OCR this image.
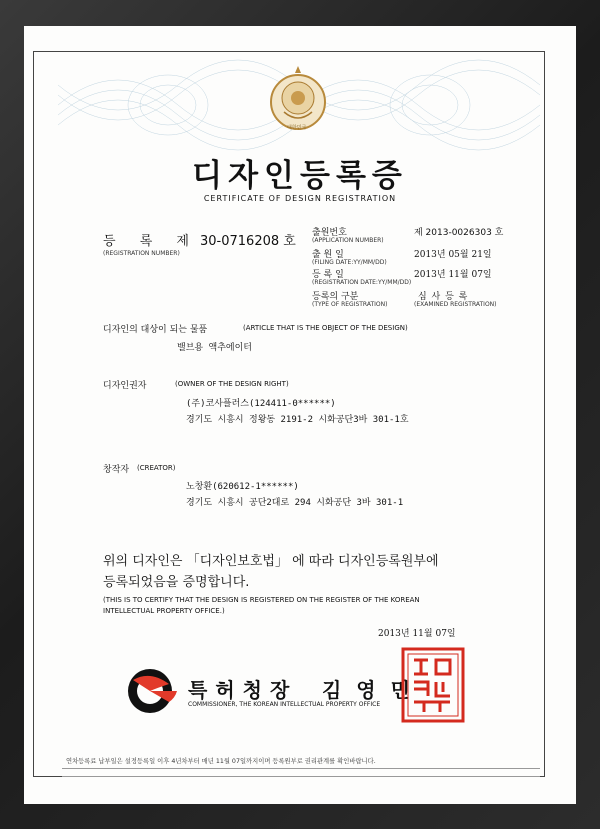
대한민국
디자인등록증
CERTIFICATE OF DESIGN REGISTRATION
등 록 제 30-0716208 호
(REGISTRATION NUMBER)
출원번호
(APPLICATION NUMBER)
제 2013-0026303 호
출 원 일
(FILING DATE:YY/MM/DD)
2013년 05월 21일
등 록 일
(REGISTRATION DATE:YY/MM/DD)
2013년 11월 07일
등록의 구분
(TYPE OF REGISTRATION)
심 사 등 록
(EXAMINED REGISTRATION)
디자인의 대상이 되는 물품	(ARTICLE THAT IS THE OBJECT OF THE DESIGN)
밸브용 액추에이터
디자인권자	(OWNER OF THE DESIGN RIGHT)
(주)코사플러스(124411-0******)
경기도 시흥시 정왕동 2191-2 시화공단3바 301-1호
창작자 (CREATOR)
노창환(620612-1******)
경기도 시흥시 공단2대로 294 시화공단 3바 301-1
위의 디자인은 「디자인보호법」 에 따라 디자인등록원부에
등록되었음을 증명합니다.
(THIS IS TO CERTIFY THAT THE DESIGN IS REGISTERED ON THE REGISTER OF THE KOREAN
INTELLECTUAL PROPERTY OFFICE.)
2013년 11월 07일
특허청장 김 영 민
COMMISSIONER, THE KOREAN INTELLECTUAL PROPERTY OFFICE
연차등록료 납부일은 설정등록일 이후 4년차부터 매년 11월 07일까지이며 등록원부로 권리관계를 확인바랍니다.
